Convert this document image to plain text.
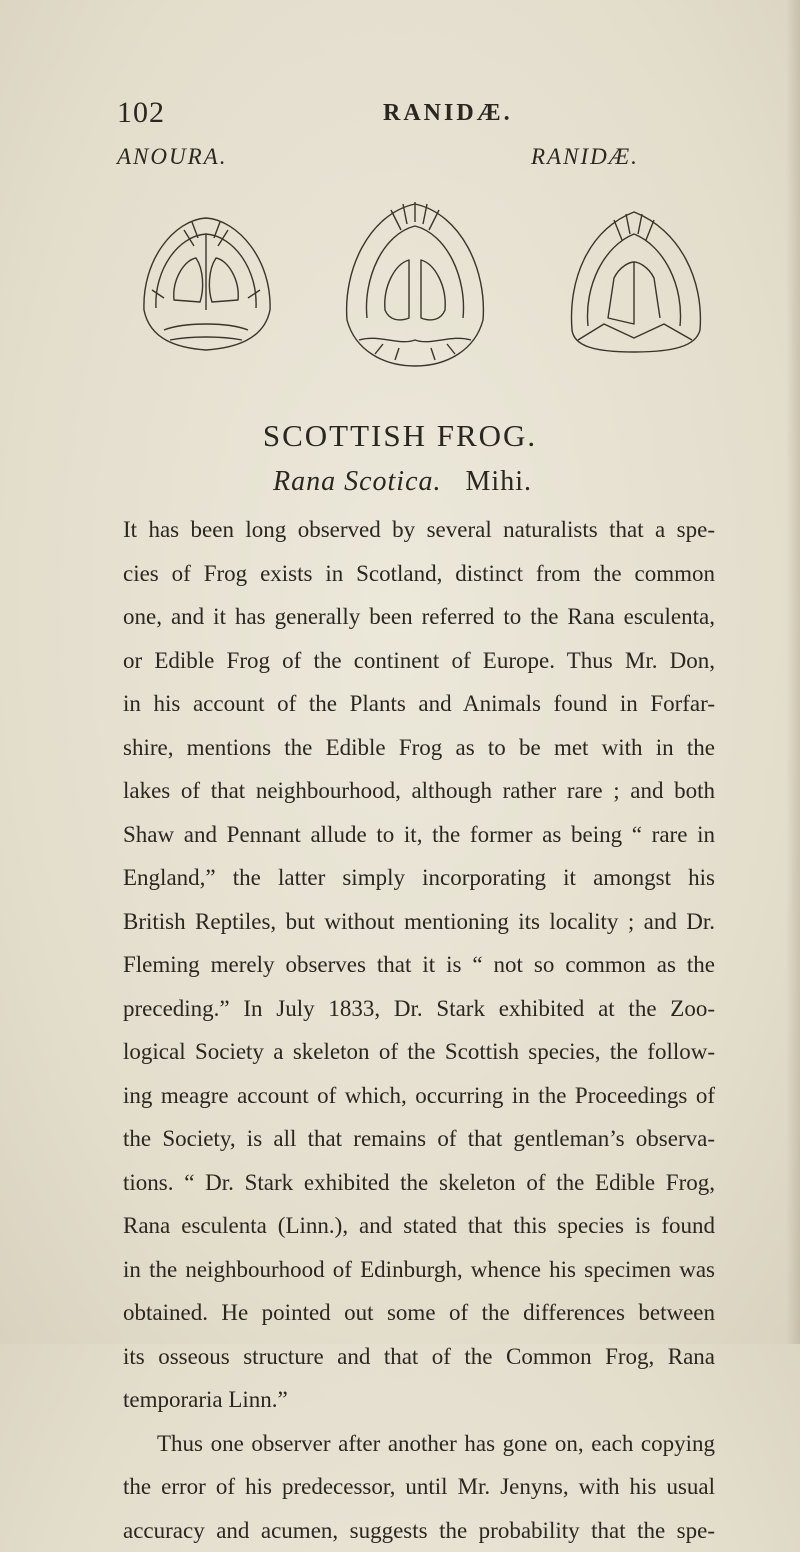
102	RANIDÆ.
ANOURA.	RANIDÆ.
SCOTTISH FROG.
Rana Scotica. Mihi.
It has been long observed by several naturalists that a spe-
cies of Frog exists in Scotland, distinct from the common
one, and it has generally been referred to the Rana esculenta,
or Edible Frog of the continent of Europe. Thus Mr. Don,
in his account of the Plants and Animals found in Forfar-
shire, mentions the Edible Frog as to be met with in the
lakes of that neighbourhood, although rather rare ; and both
Shaw and Pennant allude to it, the former as being “ rare in
England,” the latter simply incorporating it amongst his
British Reptiles, but without mentioning its locality ; and Dr.
Fleming merely observes that it is “ not so common as the
preceding.” In July 1833, Dr. Stark exhibited at the Zoo-
logical Society a skeleton of the Scottish species, the follow-
ing meagre account of which, occurring in the Proceedings of
the Society, is all that remains of that gentleman’s observa-
tions. “ Dr. Stark exhibited the skeleton of the Edible Frog,
Rana esculenta (Linn.), and stated that this species is found
in the neighbourhood of Edinburgh, whence his specimen was
obtained. He pointed out some of the differences between
its osseous structure and that of the Common Frog, Rana
temporaria Linn.”
Thus one observer after another has gone on, each copying
the error of his predecessor, until Mr. Jenyns, with his usual
accuracy and acumen, suggests the probability that the spe-
